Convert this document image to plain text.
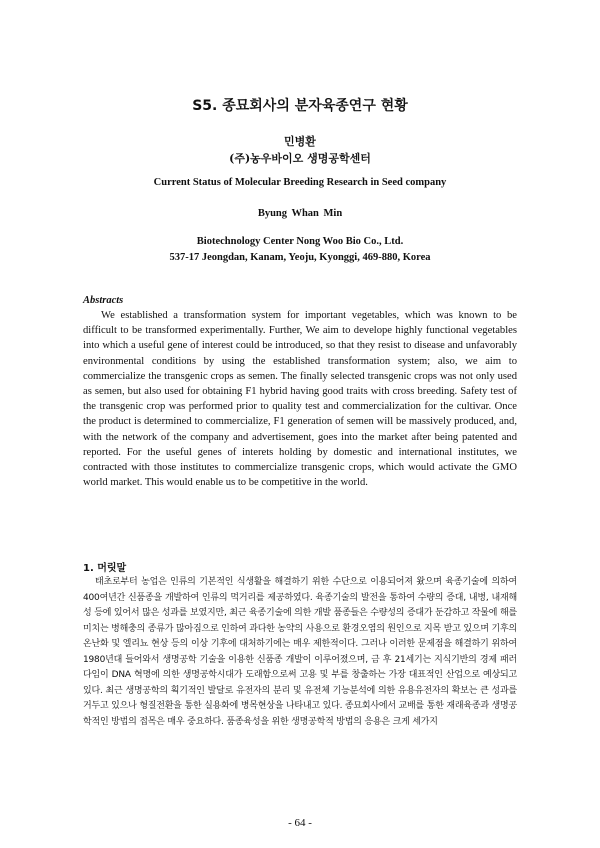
S5. 종묘회사의 분자육종연구 현황
민병환
(주)농우바이오 생명공학센터
Current Status of Molecular Breeding Research in Seed company
Byung Whan Min
Biotechnology Center Nong Woo Bio Co., Ltd.
537-17 Jeongdan, Kanam, Yeoju, Kyonggi, 469-880, Korea
Abstracts

We established a transformation system for important vegetables, which was known to be difficult to be transformed experimentally. Further, We aim to develope highly functional vegetables into which a useful gene of interest could be introduced, so that they resist to disease and unfavorably environmental conditions by using the established transformation system; also, we aim to commercialize the transgenic crops as semen. The finally selected transgenic crops was not only used as semen, but also used for obtaining F1 hybrid having good traits with cross breeding. Safety test of the transgenic crop was performed prior to quality test and commercialization for the cultivar. Once the product is determined to commercialize, F1 generation of semen will be massively produced, and, with the network of the company and advertisement, goes into the market after being patented and reported. For the useful genes of interets holding by domestic and international institutes, we contracted with those institutes to commercialize transgenic crops, which would activate the GMO world market. This would enable us to be competitive in the world.

1. 머릿말

태초로부터 농업은 인류의 기본적인 식생활을 해결하기 위한 수단으로 이용되어져 왔으며 육종기술에 의하여 400여년간 신품종을 개발하여 인류의 먹거리를 제공하였다. 육종기술의 발전을 통하여 수량의 증대, 내병, 내재해성 등에 있어서 많은 성과를 보였지만, 최근 육종기술에 의한 개발 품종들은 수량성의 증대가 둔감하고 작물에 해를 미치는 병해충의 종류가 많아짐으로 인하여 과다한 농약의 사용으로 환경오염의 원인으로 지목 받고 있으며 기후의 온난화 및 엘리뇨 현상 등의 이상 기후에 대처하기에는 매우 제한적이다. 그러나 이러한 문제점을 해결하기 위하여 1980년대 들어와서 생명공학 기술을 이용한 신품종 개발이 이루어졌으며, 금 후 21세기는 지식기반의 경제 패러다임이 DNA 혁명에 의한 생명공학시대가 도래함으로써 고용 및 부를 창출하는 가장 대표적인 산업으로 예상되고 있다. 최근 생명공학의 획기적인 발달로 유전자의 분리 및 유전체 기능분석에 의한 유용유전자의 확보는 큰 성과를 거두고 있으나 형질전환을 통한 실용화에 병목현상을 나타내고 있다. 종묘회사에서 교배를 통한 재래육종과 생명공학적인 방법의 접목은 매우 중요하다. 품종육성을 위한 생명공학적 방법의 응용은 크게 세가지

- 64 -
